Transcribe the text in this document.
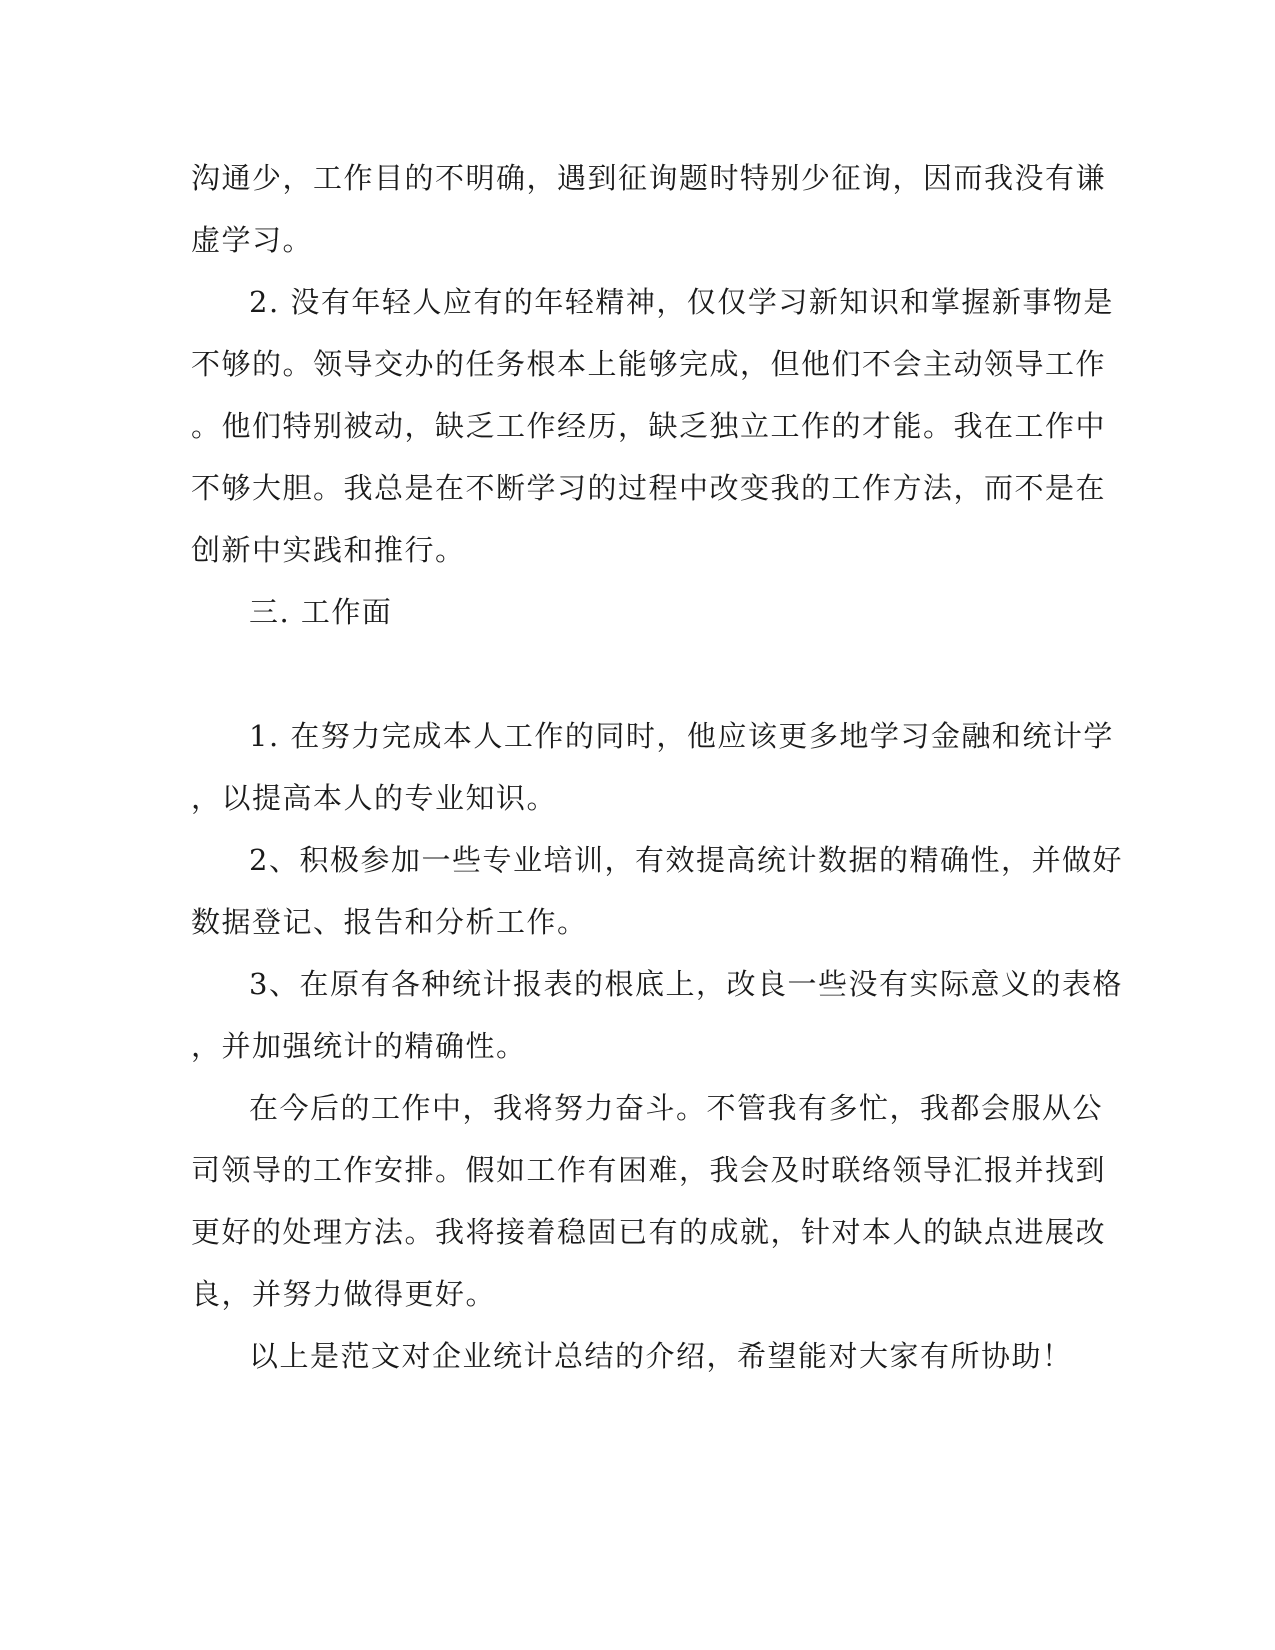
沟通少，工作目的不明确，遇到征询题时特别少征询，因而我没有谦
虚学习。
2. 没有年轻人应有的年轻精神，仅仅学习新知识和掌握新事物是
不够的。领导交办的任务根本上能够完成，但他们不会主动领导工作
。他们特别被动，缺乏工作经历，缺乏独立工作的才能。我在工作中
不够大胆。我总是在不断学习的过程中改变我的工作方法，而不是在
创新中实践和推行。
三. 工作面
1. 在努力完成本人工作的同时，他应该更多地学习金融和统计学
，以提高本人的专业知识。
2、积极参加一些专业培训，有效提高统计数据的精确性，并做好
数据登记、报告和分析工作。
3、在原有各种统计报表的根底上，改良一些没有实际意义的表格
，并加强统计的精确性。
在今后的工作中，我将努力奋斗。不管我有多忙，我都会服从公
司领导的工作安排。假如工作有困难，我会及时联络领导汇报并找到
更好的处理方法。我将接着稳固已有的成就，针对本人的缺点进展改
良，并努力做得更好。
以上是范文对企业统计总结的介绍，希望能对大家有所协助！
